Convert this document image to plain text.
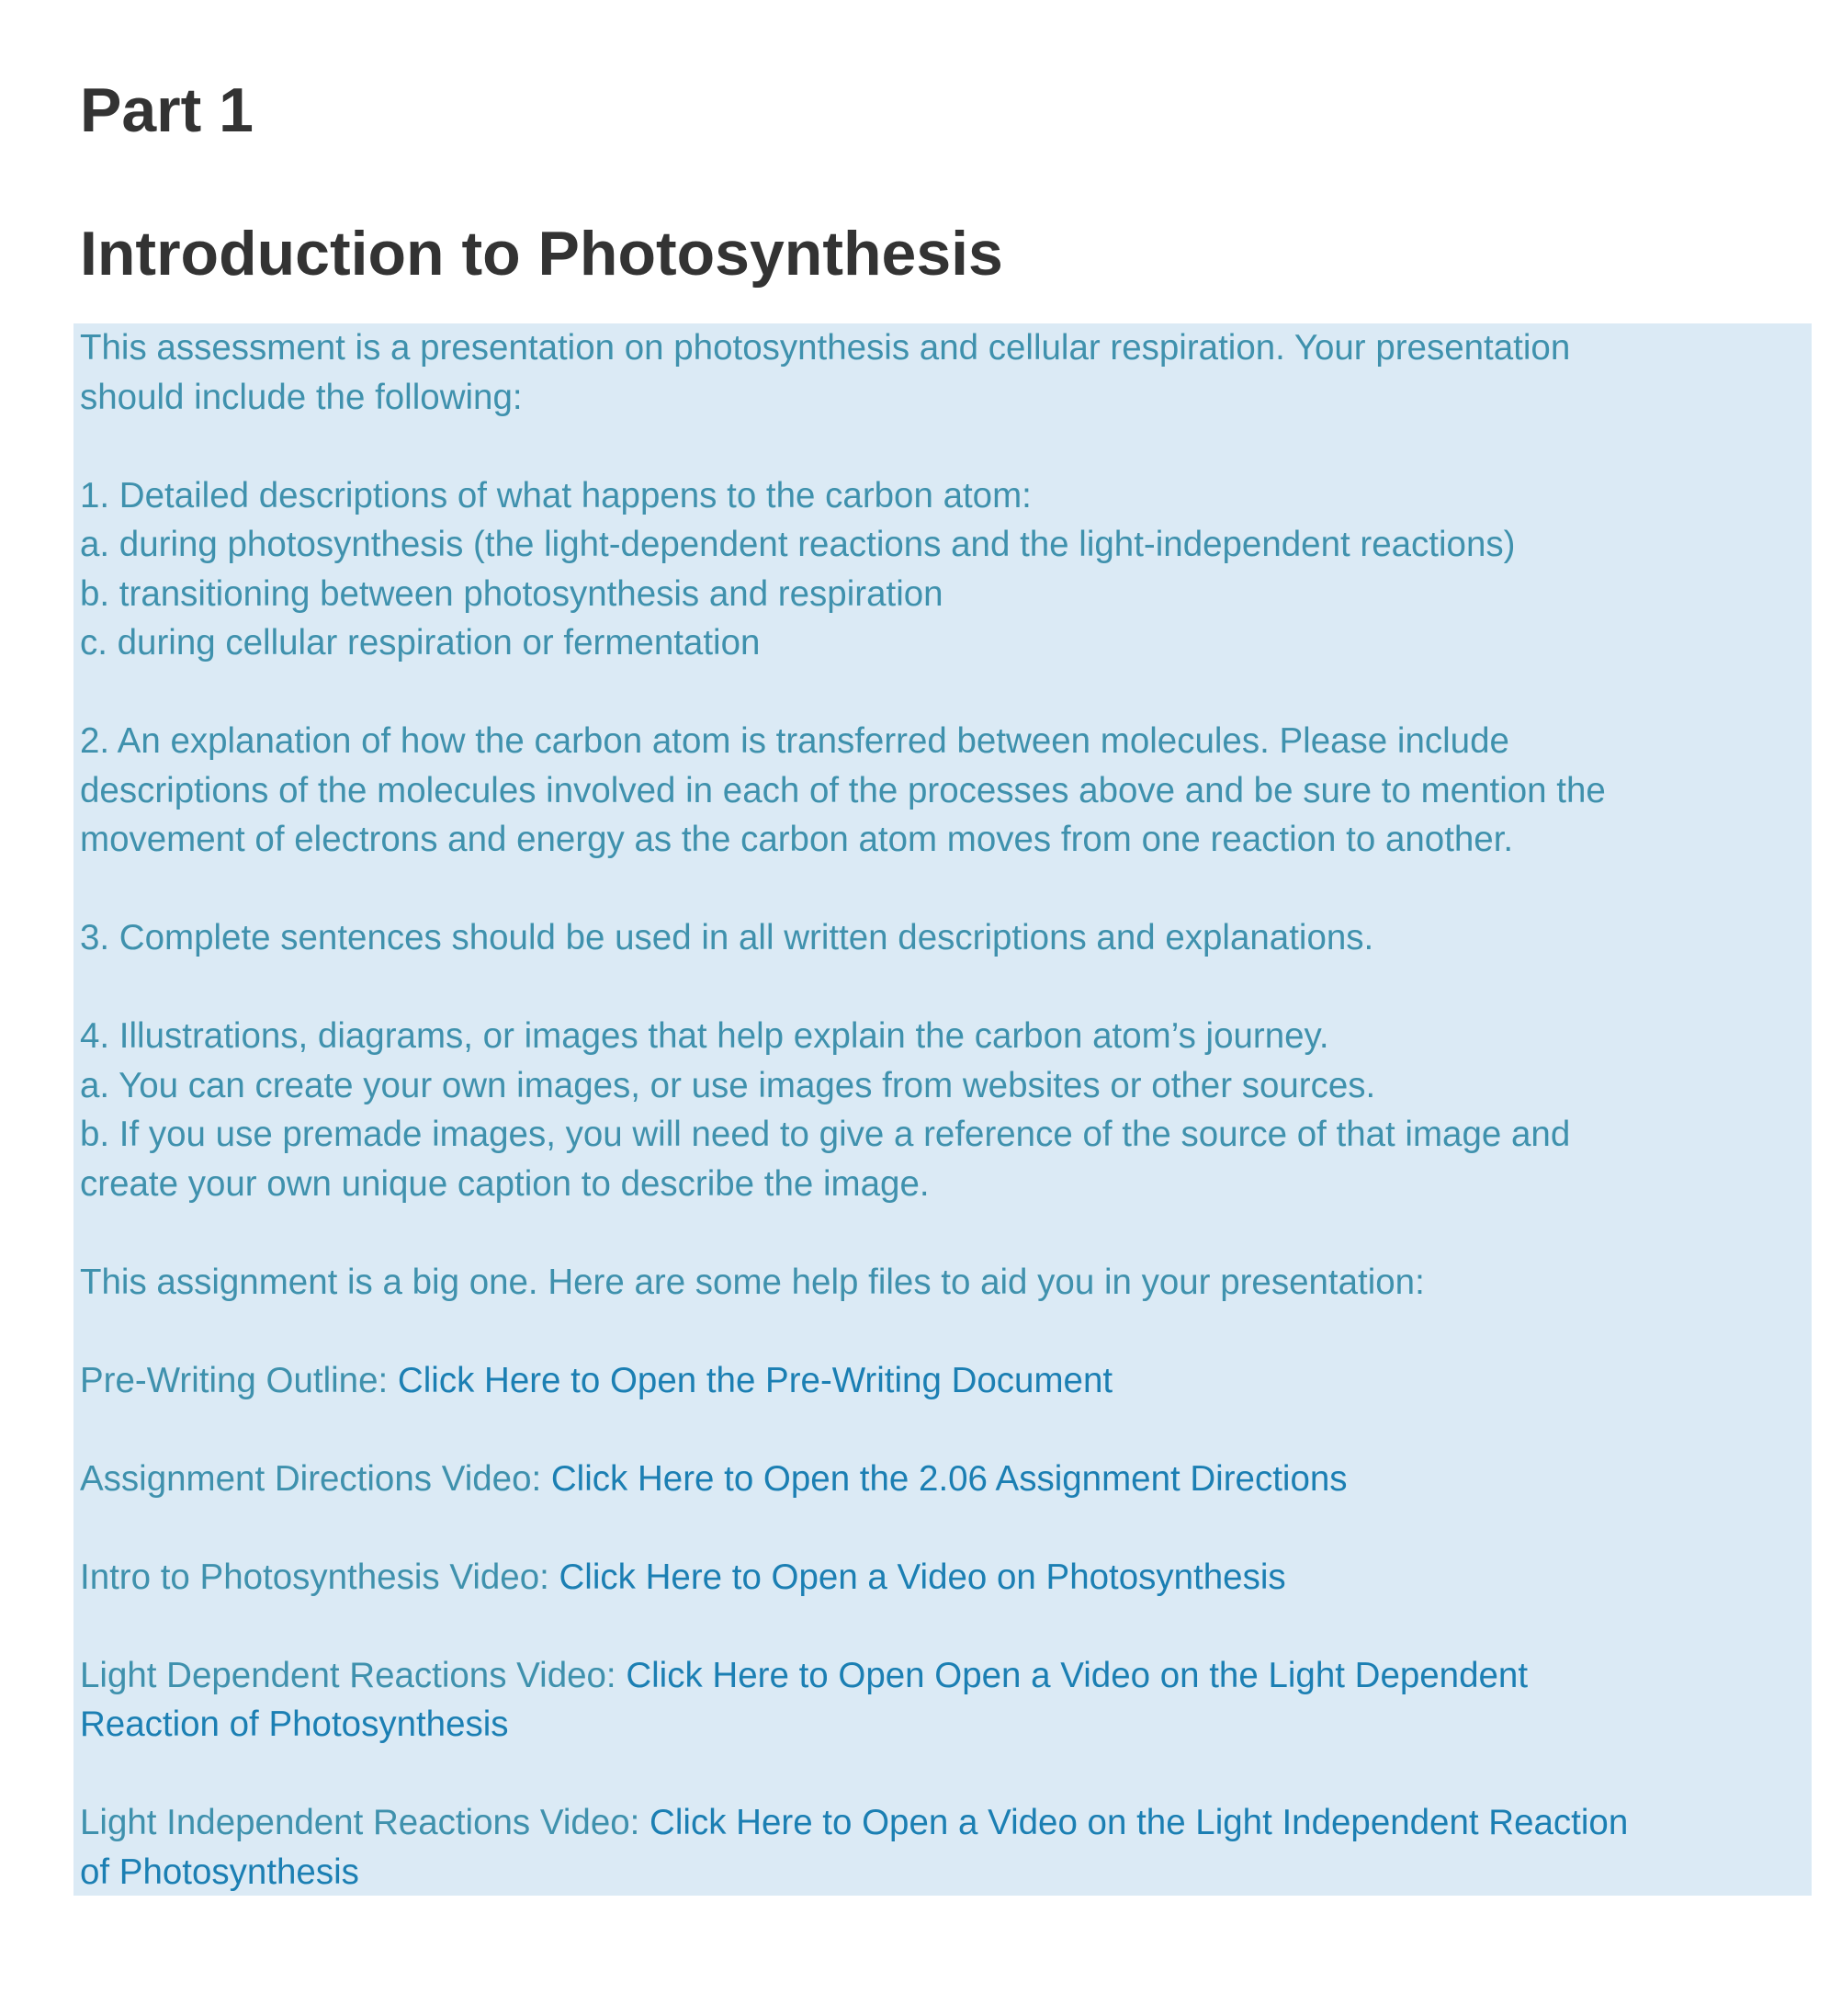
Part 1
Introduction to Photosynthesis

This assessment is a presentation on photosynthesis and cellular respiration. Your presentation

should include the following:

1. Detailed descriptions of what happens to the carbon atom:

a. during photosynthesis (the light-dependent reactions and the light-independent reactions)

b. transitioning between photosynthesis and respiration

c. during cellular respiration or fermentation

2. An explanation of how the carbon atom is transferred between molecules. Please include

descriptions of the molecules involved in each of the processes above and be sure to mention the

movement of electrons and energy as the carbon atom moves from one reaction to another.

3. Complete sentences should be used in all written descriptions and explanations.

4. Illustrations, diagrams, or images that help explain the carbon atom’s journey.

a. You can create your own images, or use images from websites or other sources.

b. If you use premade images, you will need to give a reference of the source of that image and

create your own unique caption to describe the image.

This assignment is a big one. Here are some help files to aid you in your presentation:

Pre-Writing Outline: Click Here to Open the Pre-Writing Document

Assignment Directions Video: Click Here to Open the 2.06 Assignment Directions

Intro to Photosynthesis Video: Click Here to Open a Video on Photosynthesis

Light Dependent Reactions Video: Click Here to Open Open a Video on the Light Dependent

Reaction of Photosynthesis

Light Independent Reactions Video: Click Here to Open a Video on the Light Independent Reaction

of Photosynthesis
